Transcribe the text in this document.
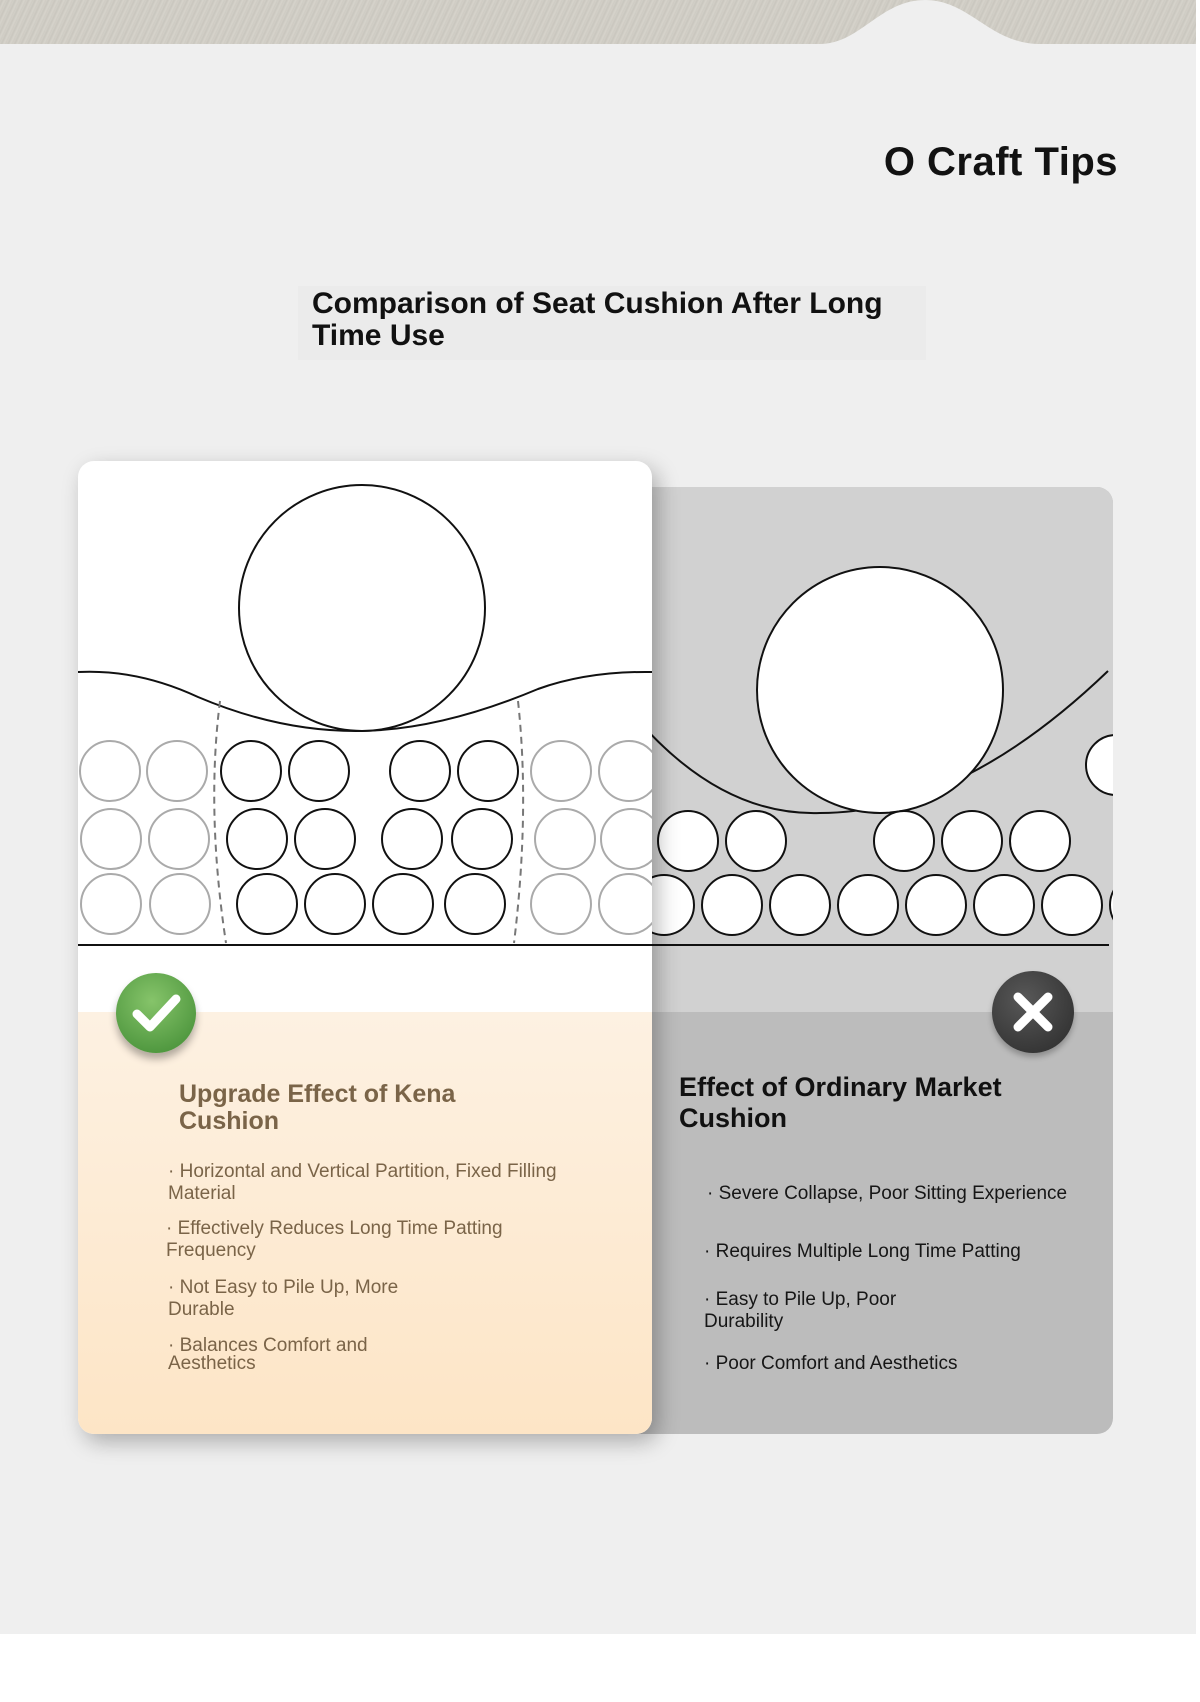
O Craft Tips
Comparison of Seat Cushion After Long Time Use
Effect of Ordinary Market Cushion

· Severe Collapse, Poor Sitting Experience

· Requires Multiple Long Time Patting

· Easy to Pile Up, Poor Durability

· Poor Comfort and Aesthetics

Upgrade Effect of Kena Cushion

· Horizontal and Vertical Partition, Fixed Filling Material

· Effectively Reduces Long Time Patting Frequency

· Not Easy to Pile Up, More Durable

· Balances Comfort and Aesthetics
